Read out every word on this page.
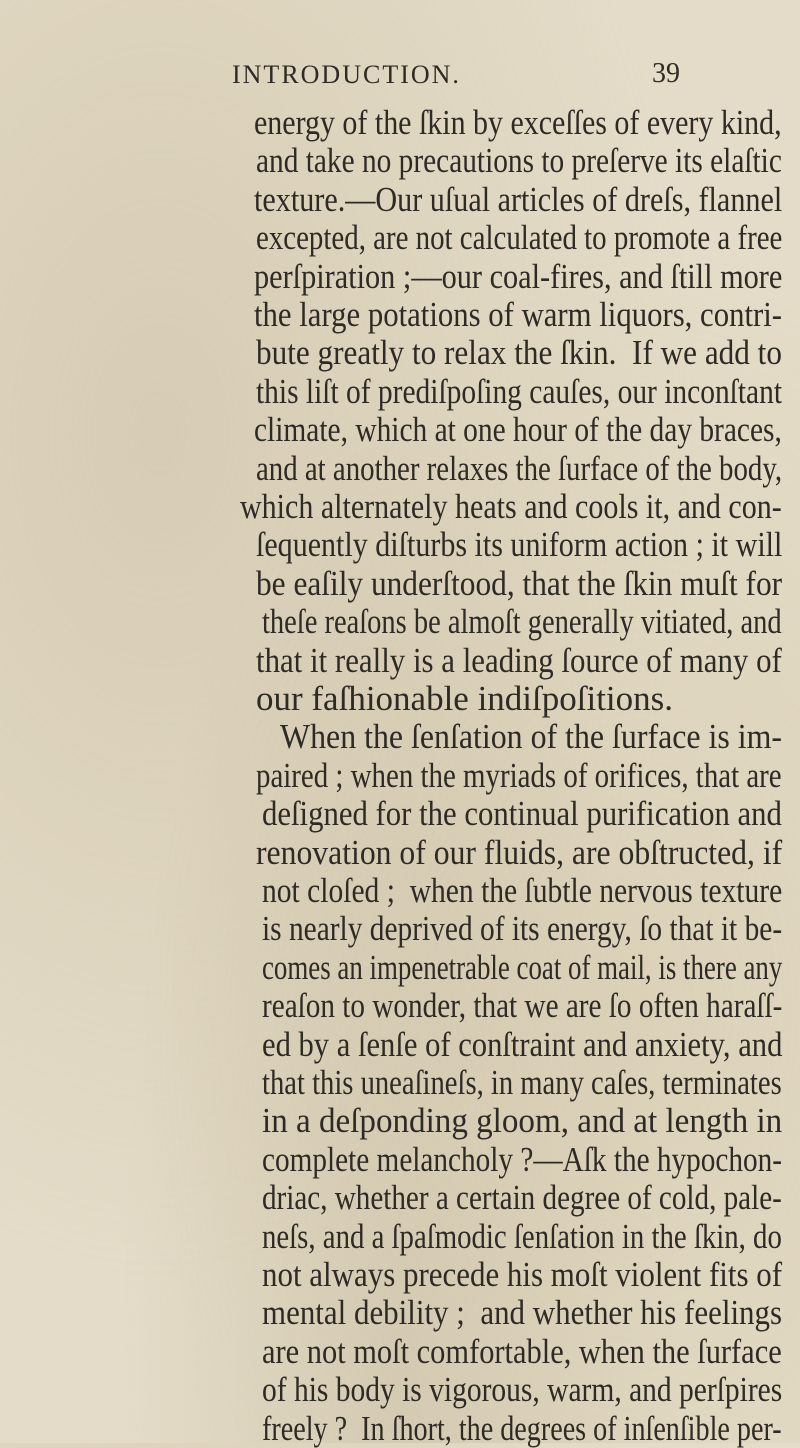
INTRODUCTION.	39
energy of the ſkin by exceſſes of every kind,
and take no precautions to preſerve its elaſtic
texture.—Our uſual articles of dreſs, flannel
excepted, are not calculated to promote a free
perſpiration ;—our coal-fires, and ſtill more
the large potations of warm liquors, contri-
bute greatly to relax the ſkin.  If we add to
this liſt of prediſpoſing cauſes, our inconſtant
climate, which at one hour of the day braces,
and at another relaxes the ſurface of the body,
which alternately heats and cools it, and con-
ſequently diſturbs its uniform action ; it will
be eaſily underſtood, that the ſkin muſt for
theſe reaſons be almoſt generally vitiated, and
that it really is a leading ſource of many of
our faſhionable indiſpoſitions.
When the ſenſation of the ſurface is im-
paired ; when the myriads of orifices, that are
deſigned for the continual purification and
renovation of our fluids, are obſtructed, if
not cloſed ;  when the ſubtle nervous texture
is nearly deprived of its energy, ſo that it be-
comes an impenetrable coat of mail, is there any
reaſon to wonder, that we are ſo often haraſſ-
ed by a ſenſe of conſtraint and anxiety, and
that this uneaſineſs, in many caſes, terminates
in a deſponding gloom, and at length in
complete melancholy ?—Aſk the hypochon-
driac, whether a certain degree of cold, pale-
neſs, and a ſpaſmodic ſenſation in the ſkin, do
not always precede his moſt violent fits of
mental debility ;  and whether his feelings
are not moſt comfortable, when the ſurface
of his body is vigorous, warm, and perſpires
freely ?  In ſhort, the degrees of inſenſible per-
